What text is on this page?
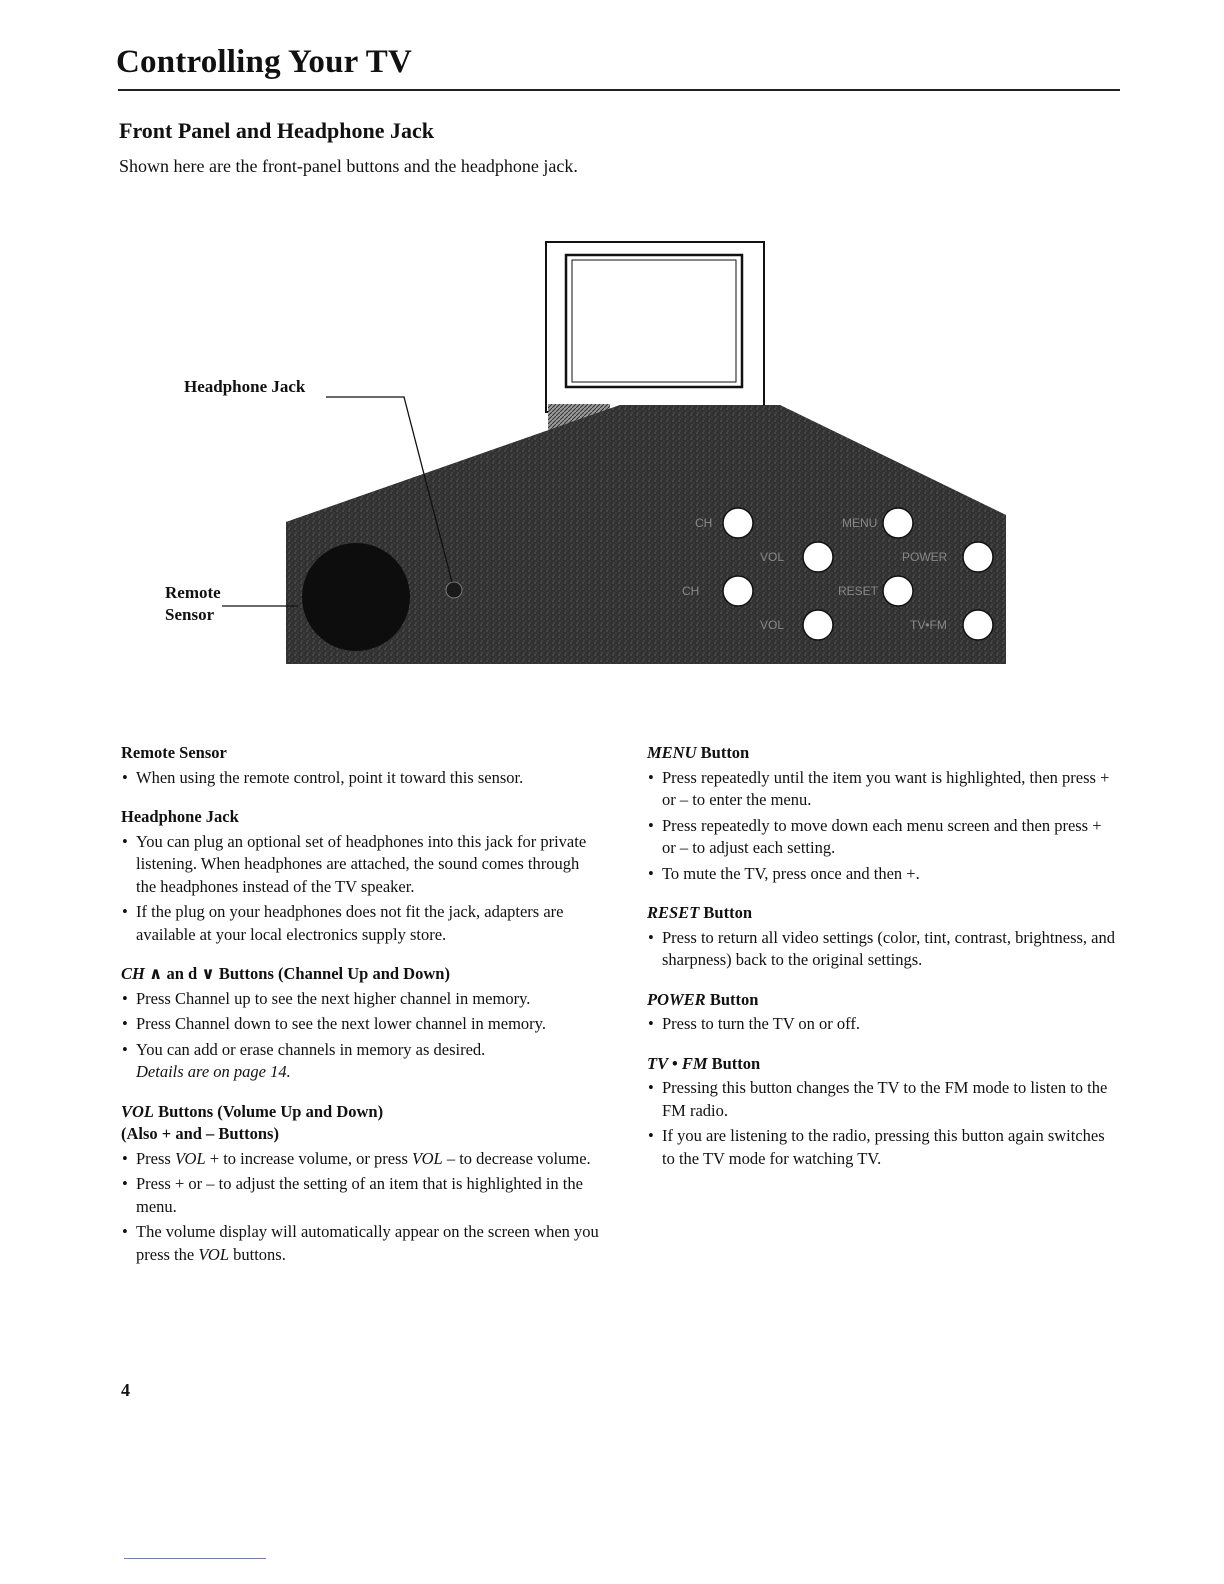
Controlling Your TV
Front Panel and Headphone Jack
Shown here are the front-panel buttons and the headphone jack.
CH	MENU
VOL	POWER
CH	RESET
VOL	TV•FM
Headphone Jack
Remote
Sensor
Remote Sensor
• When using the remote control, point it toward this sensor.
Headphone Jack
• You can plug an optional set of headphones into this jack for private listening. When headphones are attached, the sound comes through the headphones instead of the TV speaker.
• If the plug on your headphones does not fit the jack, adapters are available at your local electronics supply store.
CH ∧ an d ∨ Buttons (Channel Up and Down)
• Press Channel up to see the next higher channel in memory.
• Press Channel down to see the next lower channel in memory.
• You can add or erase channels in memory as desired.
Details are on page 14.
VOL Buttons (Volume Up and Down)
(Also + and – Buttons)
• Press VOL + to increase volume, or press VOL – to decrease volume.
• Press + or – to adjust the setting of an item that is highlighted in the menu.
• The volume display will automatically appear on the screen when you press the VOL buttons.
MENU Button
• Press repeatedly until the item you want is highlighted, then press + or – to enter the menu.
• Press repeatedly to move down each menu screen and then press + or – to adjust each setting.
• To mute the TV, press once and then +.
RESET Button
• Press to return all video settings (color, tint, contrast, brightness, and sharpness) back to the original settings.
POWER Button
• Press to turn the TV on or off.
TV • FM Button
• Pressing this button changes the TV to the FM mode to listen to the FM radio.
• If you are listening to the radio, pressing this button again switches to the TV mode for watching TV.
4
